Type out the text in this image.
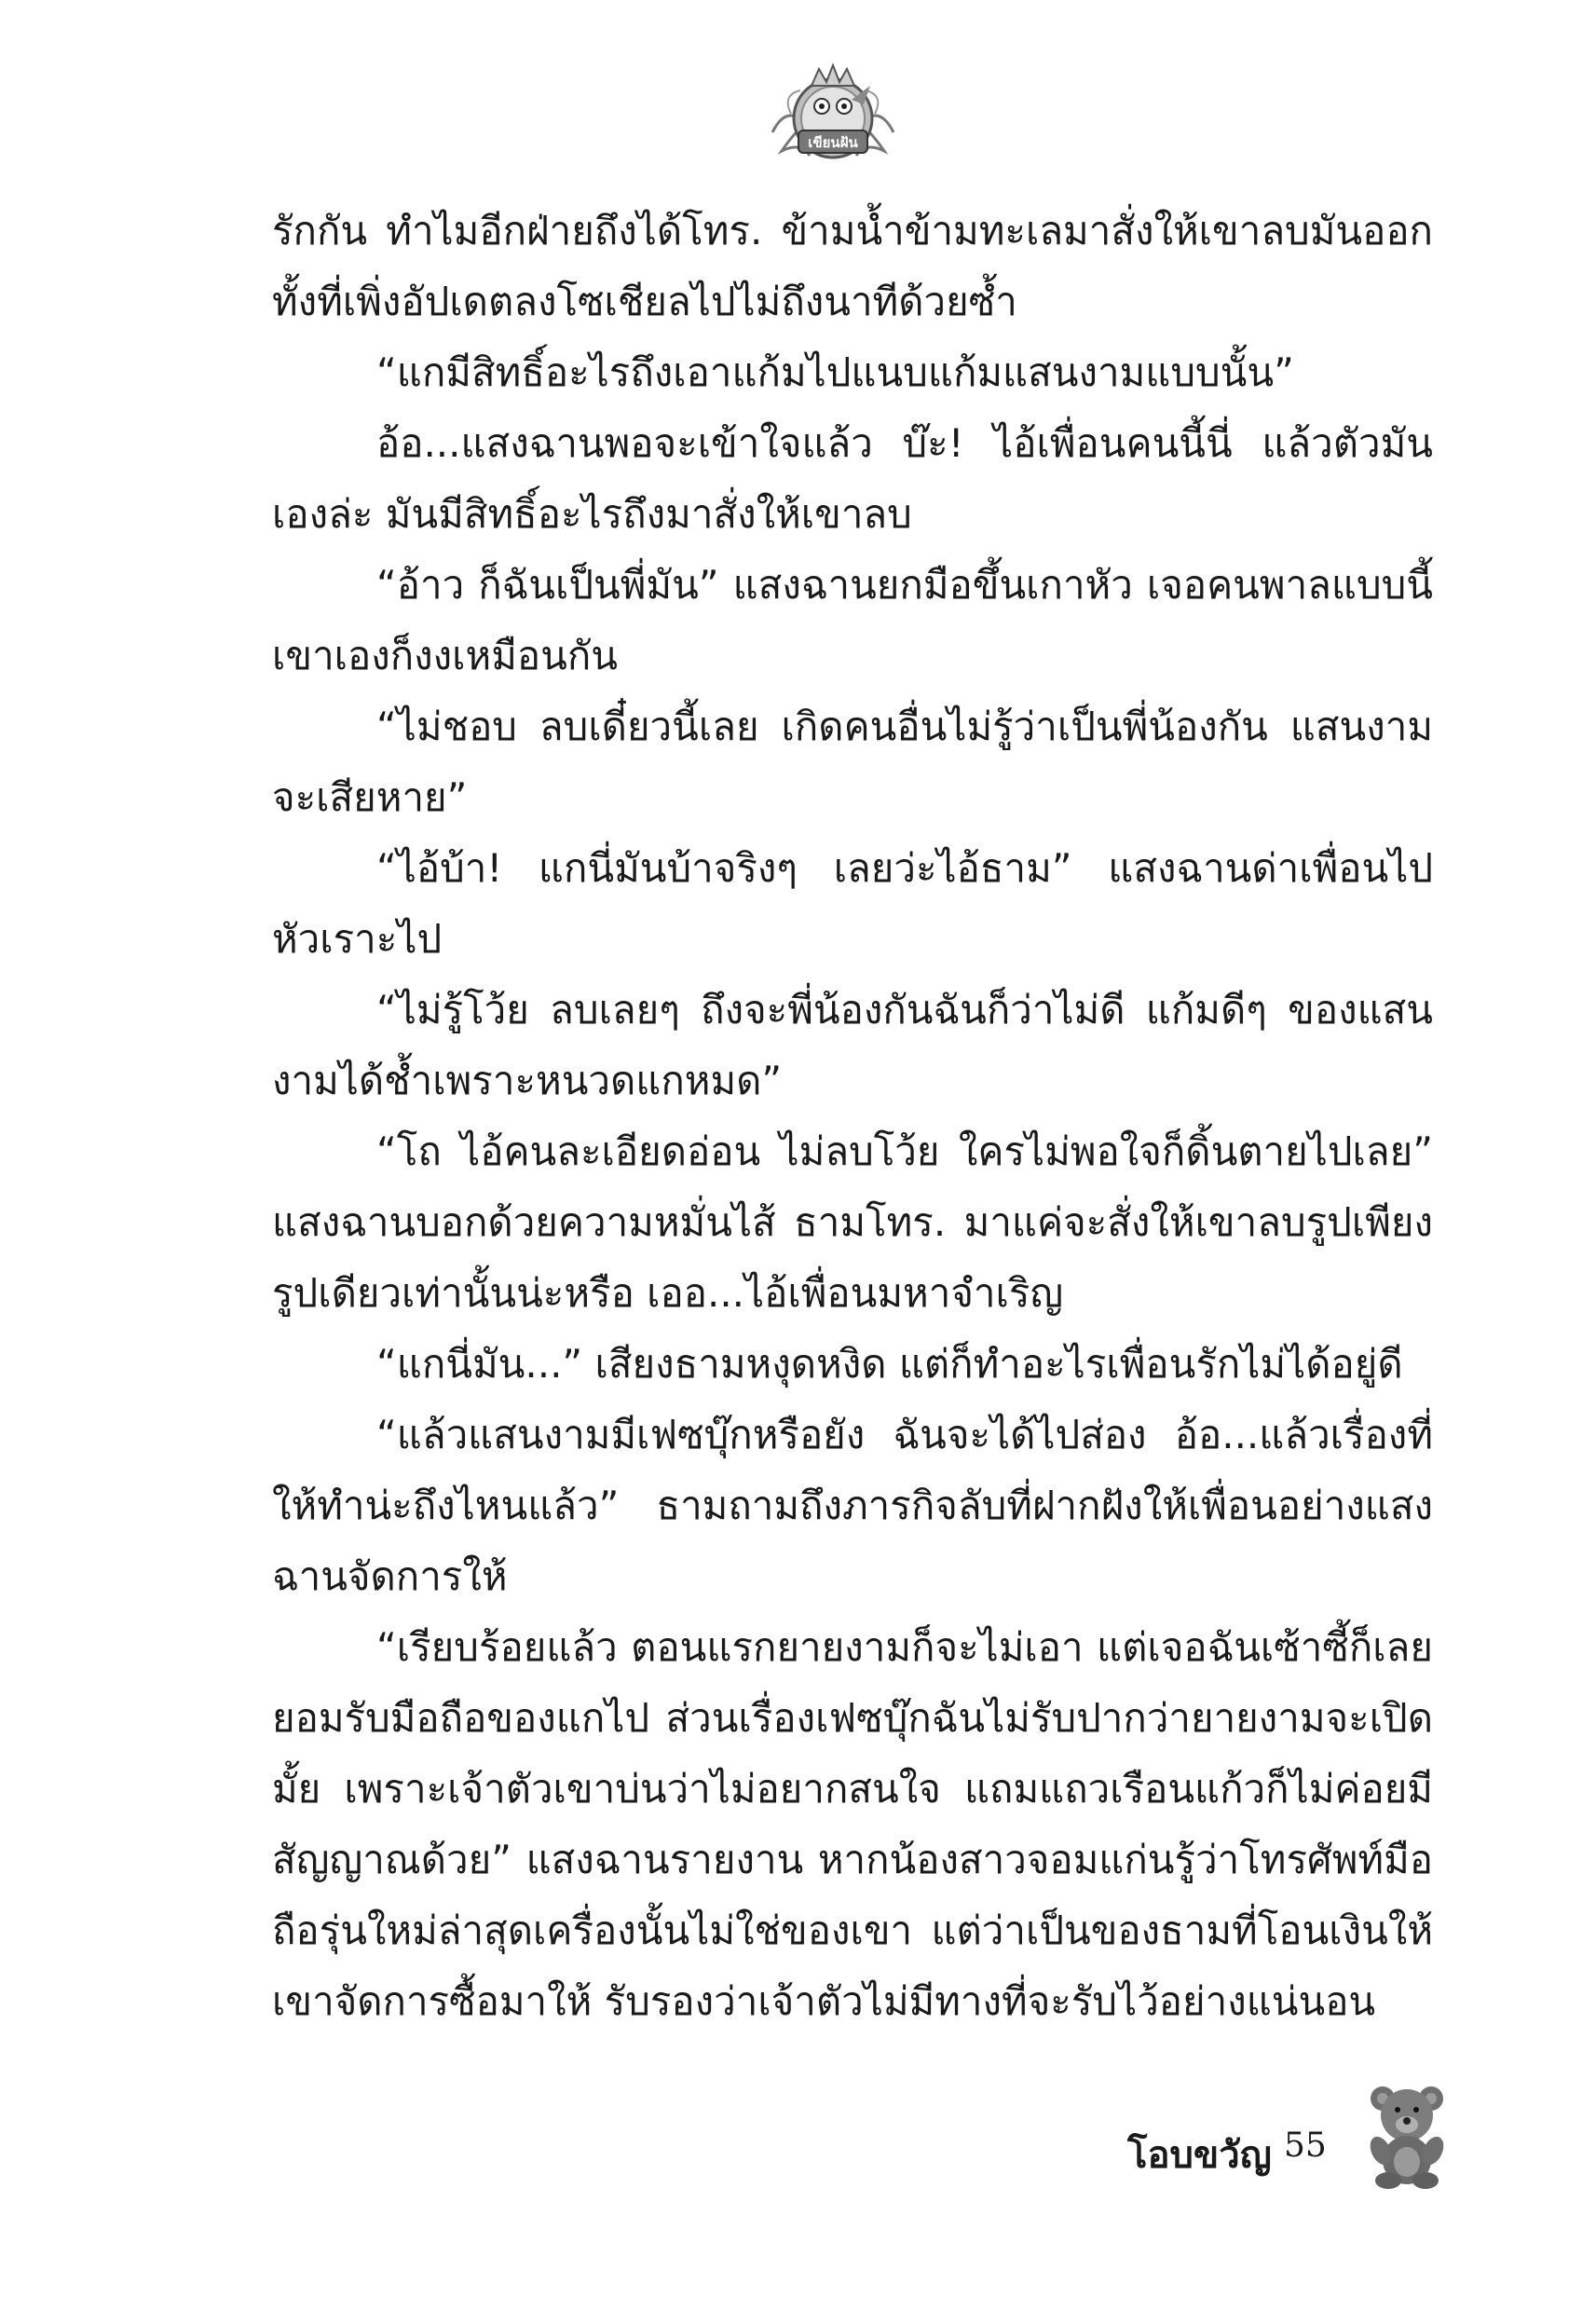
เขียนฝัน

รักกัน ทำไมอีกฝ่ายถึงได้โทร. ข้ามน้ำข้ามทะเลมาสั่งให้เขาลบมันออก ทั้งที่เพิ่งอัปเดตลงโซเชียลไปไม่ถึงนาทีด้วยซ้ำ

“แกมีสิทธิ์อะไรถึงเอาแก้มไปแนบแก้มแสนงามแบบนั้น”

อ้อ...แสงฉานพอจะเข้าใจแล้ว บ๊ะ! ไอ้เพื่อนคนนี้นี่ แล้วตัวมันเองล่ะ มันมีสิทธิ์อะไรถึงมาสั่งให้เขาลบ

“อ้าว ก็ฉันเป็นพี่มัน” แสงฉานยกมือขึ้นเกาหัว เจอคนพาลแบบนี้เขาเองก็งงเหมือนกัน

“ไม่ชอบ ลบเดี๋ยวนี้เลย เกิดคนอื่นไม่รู้ว่าเป็นพี่น้องกัน แสนงามจะเสียหาย”

“ไอ้บ้า! แกนี่มันบ้าจริงๆ เลยว่ะไอ้ธาม” แสงฉานด่าเพื่อนไปหัวเราะไป

“ไม่รู้โว้ย ลบเลยๆ ถึงจะพี่น้องกันฉันก็ว่าไม่ดี แก้มดีๆ ของแสนงามได้ช้ำเพราะหนวดแกหมด”

“โถ ไอ้คนละเอียดอ่อน ไม่ลบโว้ย ใครไม่พอใจก็ดิ้นตายไปเลย” แสงฉานบอกด้วยความหมั่นไส้ ธามโทร. มาแค่จะสั่งให้เขาลบรูปเพียงรูปเดียวเท่านั้นน่ะหรือ เออ...ไอ้เพื่อนมหาจำเริญ

“แกนี่มัน...” เสียงธามหงุดหงิด แต่ก็ทำอะไรเพื่อนรักไม่ได้อยู่ดี

“แล้วแสนงามมีเฟซบุ๊กหรือยัง ฉันจะได้ไปส่อง อ้อ...แล้วเรื่องที่ให้ทำน่ะถึงไหนแล้ว” ธามถามถึงภารกิจลับที่ฝากฝังให้เพื่อนอย่างแสงฉานจัดการให้

“เรียบร้อยแล้ว ตอนแรกยายงามก็จะไม่เอา แต่เจอฉันเซ้าซี้ก็เลยยอมรับมือถือของแกไป ส่วนเรื่องเฟซบุ๊กฉันไม่รับปากว่ายายงามจะเปิดมั้ย เพราะเจ้าตัวเขาบ่นว่าไม่อยากสนใจ แถมแถวเรือนแก้วก็ไม่ค่อยมีสัญญาณด้วย” แสงฉานรายงาน หากน้องสาวจอมแก่นรู้ว่าโทรศัพท์มือถือรุ่นใหม่ล่าสุดเครื่องนั้นไม่ใช่ของเขา แต่ว่าเป็นของธามที่โอนเงินให้เขาจัดการซื้อมาให้ รับรองว่าเจ้าตัวไม่มีทางที่จะรับไว้อย่างแน่นอน

โอบขวัญ 55
